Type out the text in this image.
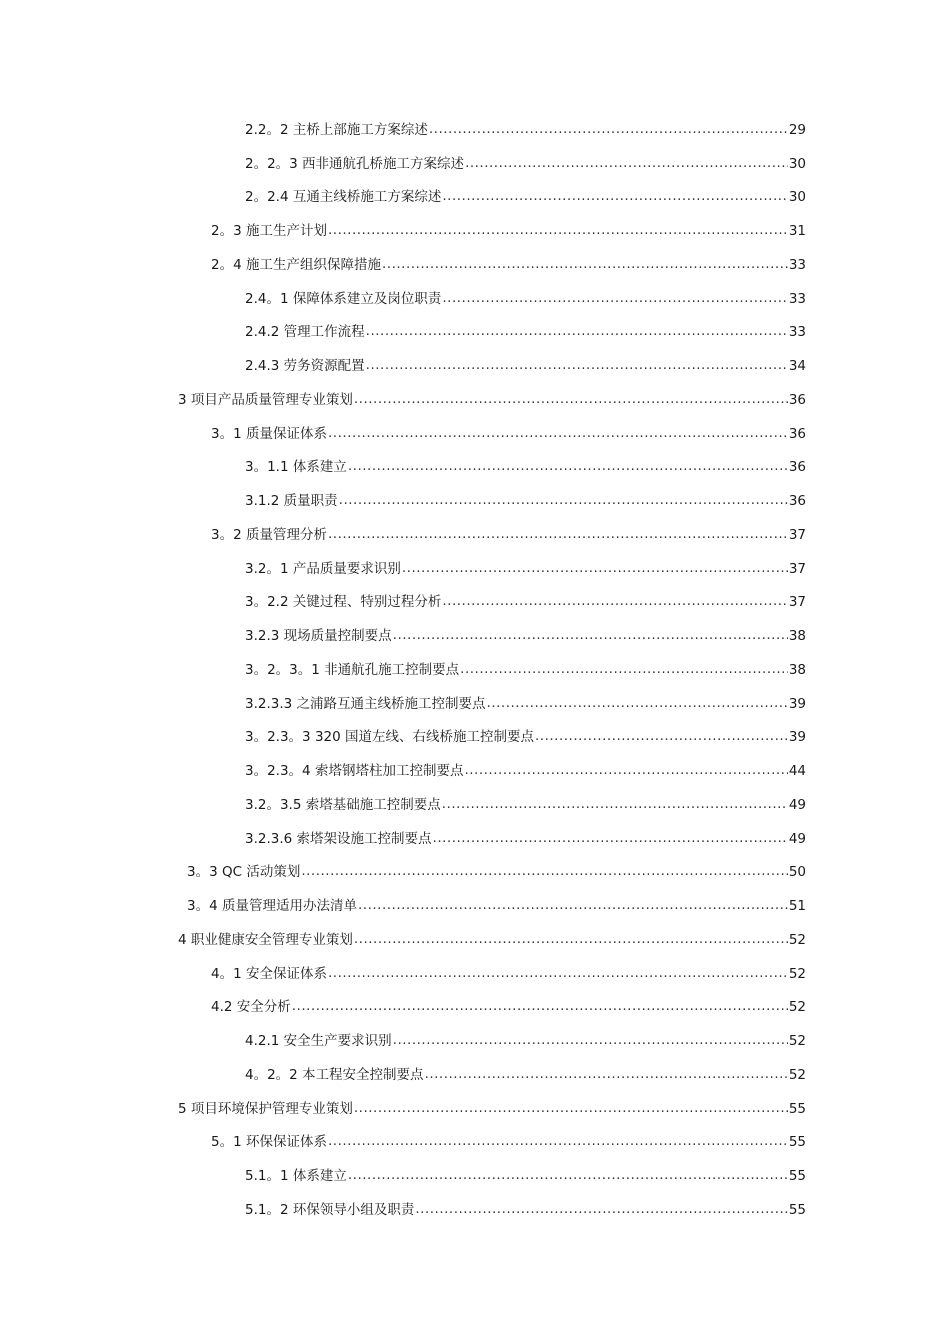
2.2。2 主桥上部施工方案综述 .....	29
2。2。3 西非通航孔桥施工方案综述 .....	30
2。2.4 互通主线桥施工方案综述 .....	30
2。3 施工生产计划 .....	31
2。4 施工生产组织保障措施 .....	33
2.4。1 保障体系建立及岗位职责 .....	33
2.4.2 管理工作流程 .....	33
2.4.3 劳务资源配置 .....	34
3 项目产品质量管理专业策划 .....	36
3。1 质量保证体系 .....	36
3。1.1 体系建立 .....	36
3.1.2 质量职责 .....	36
3。2 质量管理分析 .....	37
3.2。1 产品质量要求识别 .....	37
3。2.2 关键过程、特别过程分析 .....	37
3.2.3 现场质量控制要点 .....	38
3。2。3。1 非通航孔施工控制要点 .....	38
3.2.3.3 之浦路互通主线桥施工控制要点 .....	39
3。2.3。3 320 国道左线、右线桥施工控制要点 .....	39
3。2.3。4 索塔钢塔柱加工控制要点 .....	44
3.2。3.5 索塔基础施工控制要点 .....	49
3.2.3.6 索塔架设施工控制要点 .....	49
3。3 QC 活动策划 .....	50
3。4 质量管理适用办法清单 .....	51
4 职业健康安全管理专业策划 .....	52
4。1 安全保证体系 .....	52
4.2 安全分析 .....	52
4.2.1 安全生产要求识别 .....	52
4。2。2 本工程安全控制要点 .....	52
5 项目环境保护管理专业策划 .....	55
5。1 环保保证体系 .....	55
5.1。1 体系建立 .....	55
5.1。2 环保领导小组及职责 .....	55
